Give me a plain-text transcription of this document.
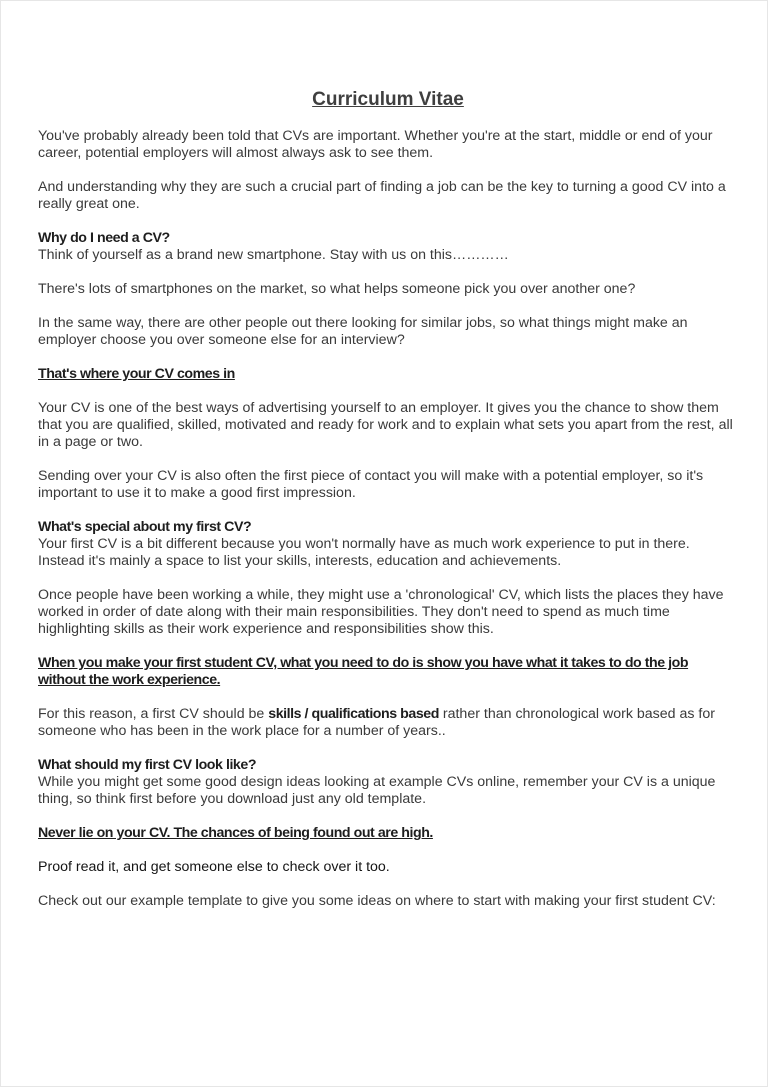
Curriculum Vitae

You've probably already been told that CVs are important. Whether you're at the start, middle or end of your career, potential employers will almost always ask to see them.

And understanding why they are such a crucial part of finding a job can be the key to turning a good CV into a really great one.

Why do I need a CV?
Think of yourself as a brand new smartphone. Stay with us on this…………

There's lots of smartphones on the market, so what helps someone pick you over another one?

In the same way, there are other people out there looking for similar jobs, so what things might make an employer choose you over someone else for an interview?

That's where your CV comes in

Your CV is one of the best ways of advertising yourself to an employer. It gives you the chance to show them that you are qualified, skilled, motivated and ready for work and to explain what sets you apart from the rest, all in a page or two.

Sending over your CV is also often the first piece of contact you will make with a potential employer, so it's important to use it to make a good first impression.

What's special about my first CV?
Your first CV is a bit different because you won't normally have as much work experience to put in there. Instead it's mainly a space to list your skills, interests, education and achievements.

Once people have been working a while, they might use a 'chronological' CV, which lists the places they have worked in order of date along with their main responsibilities. They don't need to spend as much time highlighting skills as their work experience and responsibilities show this.

When you make your first student CV, what you need to do is show you have what it takes to do the job without the work experience.

For this reason, a first CV should be skills / qualifications based rather than chronological work based as for someone who has been in the work place for a number of years..

What should my first CV look like?
While you might get some good design ideas looking at example CVs online, remember your CV is a unique thing, so think first before you download just any old template.

Never lie on your CV. The chances of being found out are high.

Proof read it, and get someone else to check over it too.

Check out our example template to give you some ideas on where to start with making your first student CV:
